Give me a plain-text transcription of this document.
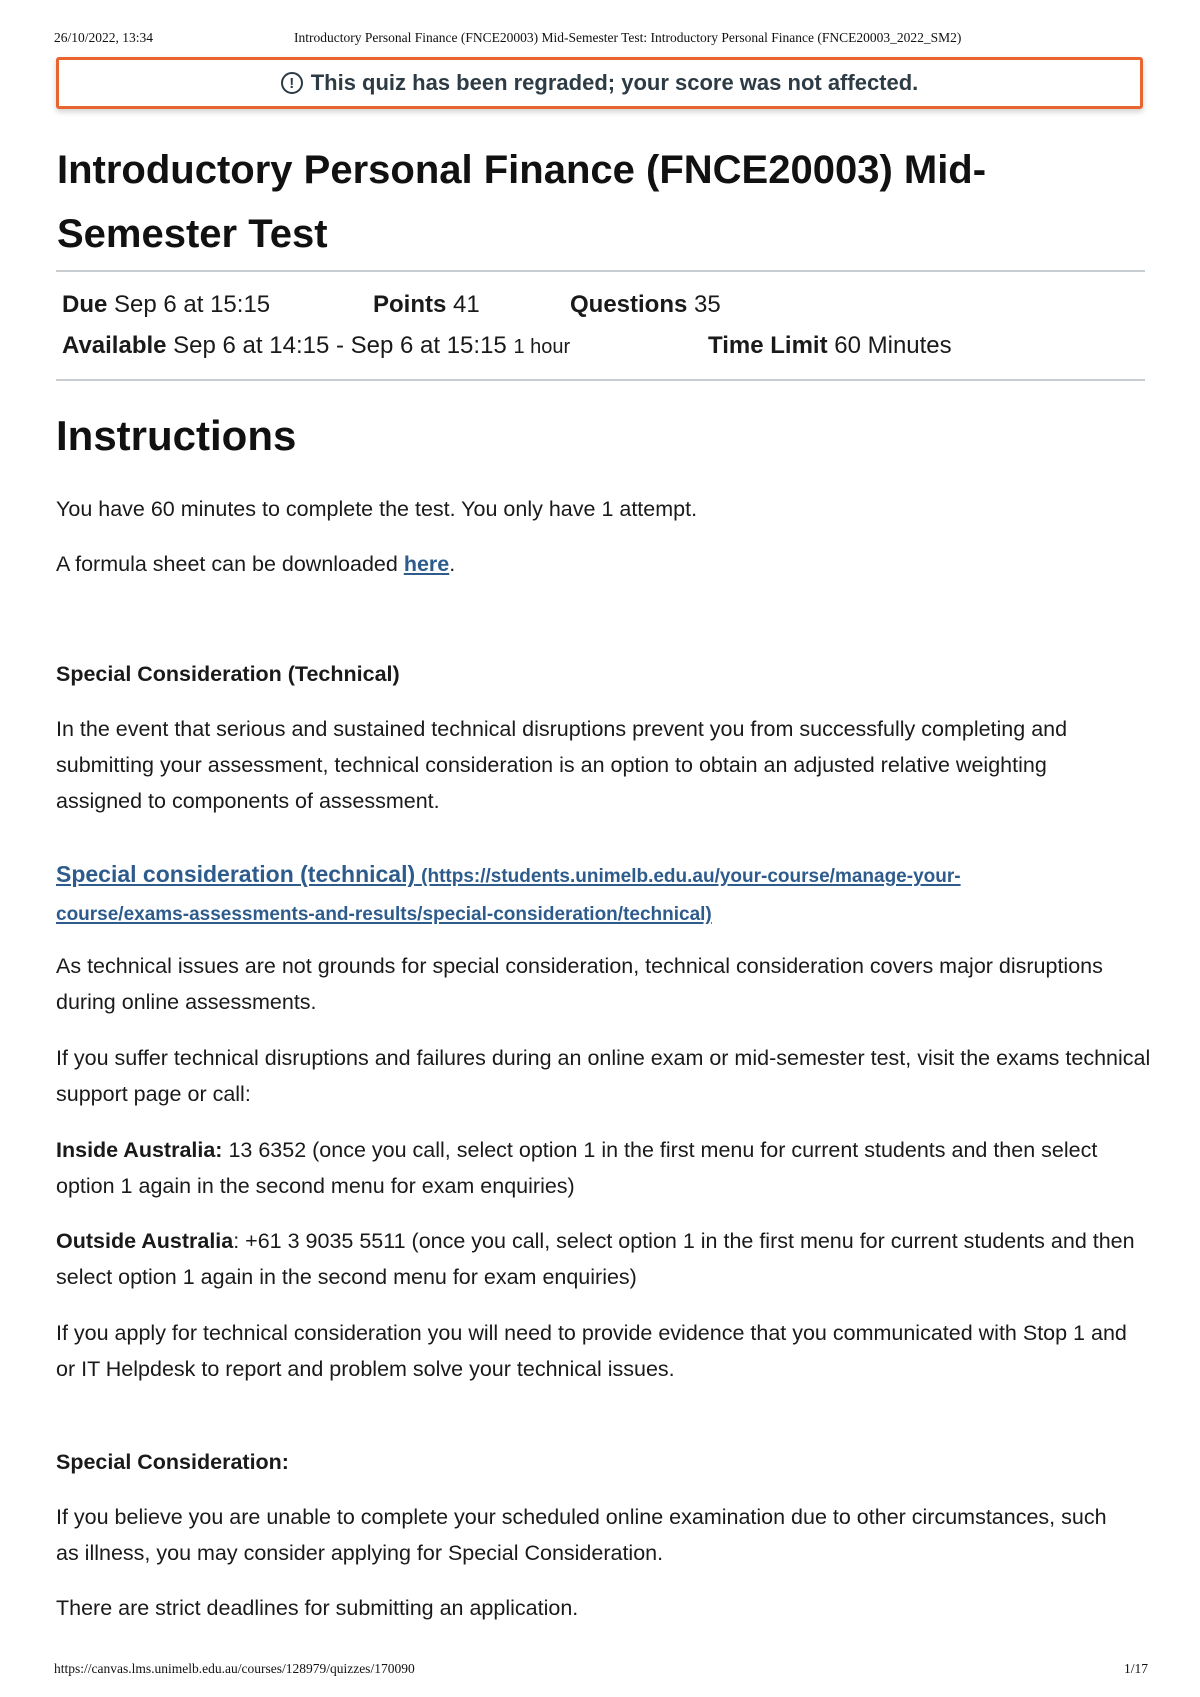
26/10/2022, 13:34	Introductory Personal Finance (FNCE20003) Mid-Semester Test: Introductory Personal Finance (FNCE20003_2022_SM2)
! This quiz has been regraded; your score was not affected.
Introductory Personal Finance (FNCE20003) Mid-Semester Test
Due Sep 6 at 15:15	Points 41	Questions 35
Available Sep 6 at 14:15 - Sep 6 at 15:15 1 hour	Time Limit 60 Minutes
Instructions

You have 60 minutes to complete the test. You only have 1 attempt.

A formula sheet can be downloaded here.

Special Consideration (Technical)

In the event that serious and sustained technical disruptions prevent you from successfully completing and submitting your assessment, technical consideration is an option to obtain an adjusted relative weighting assigned to components of assessment.

Special consideration (technical) (https://students.unimelb.edu.au/your-course/manage-your-
course/exams-assessments-and-results/special-consideration/technical)

As technical issues are not grounds for special consideration, technical consideration covers major disruptions during online assessments.

If you suffer technical disruptions and failures during an online exam or mid-semester test, visit the exams technical support page or call:

Inside Australia: 13 6352 (once you call, select option 1 in the first menu for current students and then select option 1 again in the second menu for exam enquiries)

Outside Australia: +61 3 9035 5511 (once you call, select option 1 in the first menu for current students and then select option 1 again in the second menu for exam enquiries)

If you apply for technical consideration you will need to provide evidence that you communicated with Stop 1 and or IT Helpdesk to report and problem solve your technical issues.

Special Consideration:

If you believe you are unable to complete your scheduled online examination due to other circumstances, such as illness, you may consider applying for Special Consideration.

There are strict deadlines for submitting an application.

https://canvas.lms.unimelb.edu.au/courses/128979/quizzes/170090	1/17
